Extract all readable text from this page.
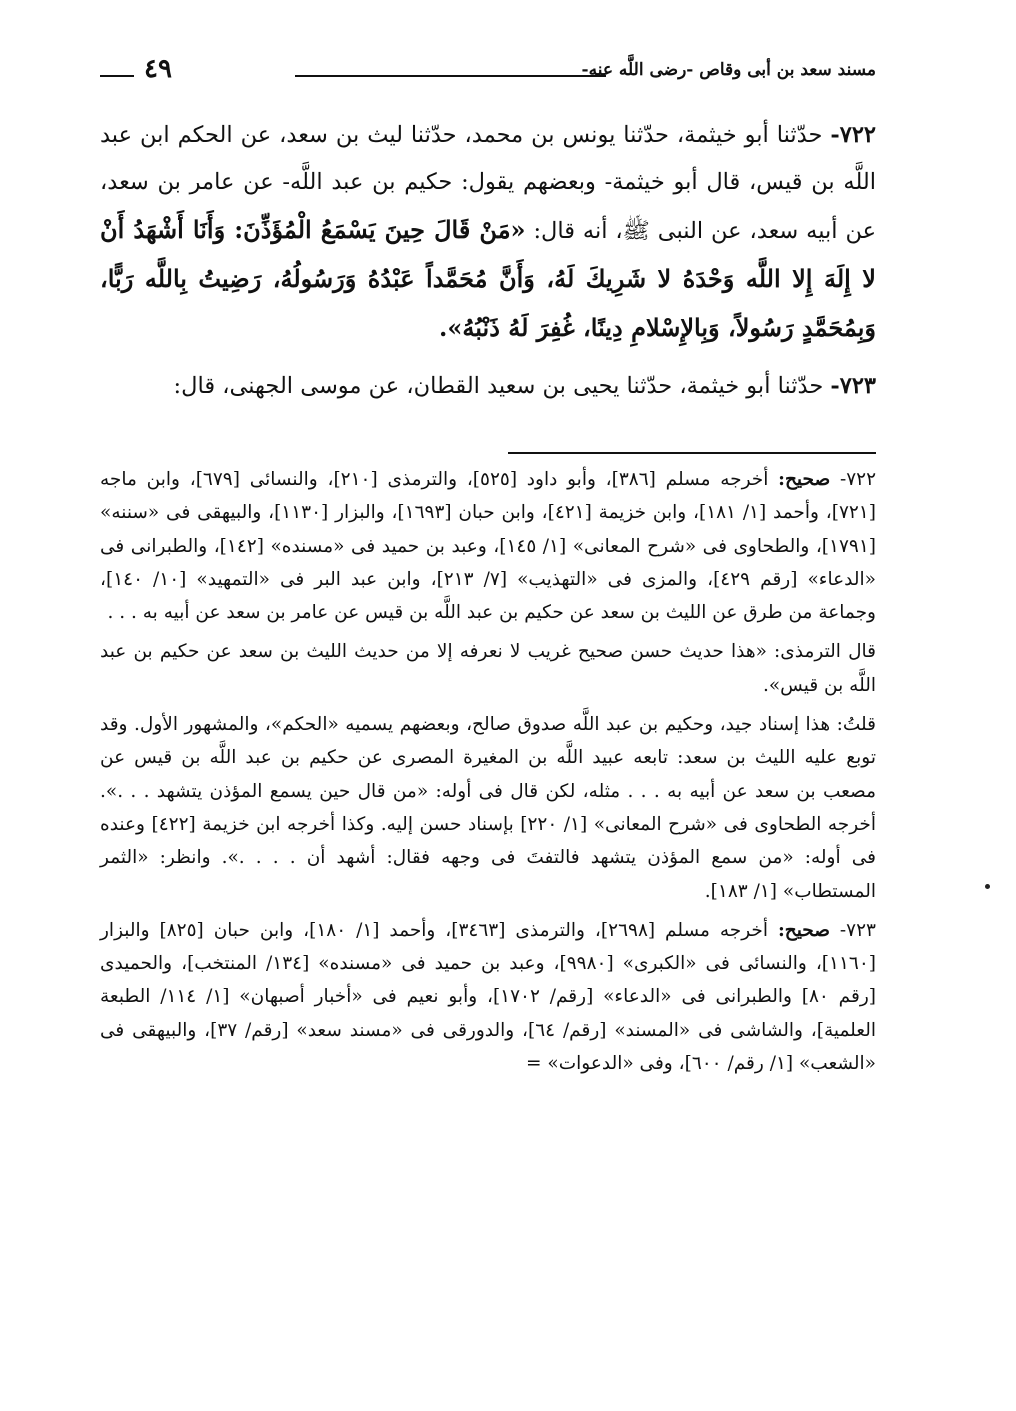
مسند سعد بن أبى وقاص -رضى اللَّه عنه-
٤٩

٧٢٢- حدّثنا أبو خيثمة، حدّثنا يونس بن محمد، حدّثنا ليث بن سعد، عن الحكم ابن عبد اللَّه بن قيس، قال أبو خيثمة- وبعضهم يقول: حكيم بن عبد اللَّه- عن عامر بن سعد، عن أبيه سعد، عن النبى ﷺ، أنه قال: «مَنْ قَالَ حِينَ يَسْمَعُ الْمُؤَذِّنَ: وَأَنَا أَشْهَدُ أَنْ لا إِلَهَ إِلا اللَّه وَحْدَهُ لا شَرِيكَ لَهُ، وَأَنَّ مُحَمَّداً عَبْدُهُ وَرَسُولُهُ، رَضِيتُ بِاللَّه رَبًّا، وَبِمُحَمَّدٍ رَسُولاً، وَبِالإِسْلامِ دِينًا، غُفِرَ لَهُ ذَنْبُهُ».

٧٢٣- حدّثنا أبو خيثمة، حدّثنا يحيى بن سعيد القطان، عن موسى الجهنى، قال:

٧٢٢- صحيح: أخرجه مسلم [٣٨٦]، وأبو داود [٥٢٥]، والترمذى [٢١٠]، والنسائى [٦٧٩]، وابن ماجه [٧٢١]، وأحمد [١/ ١٨١]، وابن خزيمة [٤٢١]، وابن حبان [١٦٩٣]، والبزار [١١٣٠]، والبيهقى فى «سننه» [١٧٩١]، والطحاوى فى «شرح المعانى» [١/ ١٤٥]، وعبد بن حميد فى «مسنده» [١٤٢]، والطبرانى فى «الدعاء» [رقم ٤٢٩]، والمزى فى «التهذيب» [٧/ ٢١٣]، وابن عبد البر فى «التمهيد» [١٠/ ١٤٠]، وجماعة من طرق عن الليث بن سعد عن حكيم بن عبد اللَّه بن قيس عن عامر بن سعد عن أبيه به . . .

قال الترمذى: «هذا حديث حسن صحيح غريب لا نعرفه إلا من حديث الليث بن سعد عن حكيم بن عبد اللَّه بن قيس».

قلتُ: هذا إسناد جيد، وحكيم بن عبد اللَّه صدوق صالح، وبعضهم يسميه «الحكم»، والمشهور الأول. وقد توبع عليه الليث بن سعد: تابعه عبيد اللَّه بن المغيرة المصرى عن حكيم بن عبد اللَّه بن قيس عن مصعب بن سعد عن أبيه به . . . مثله، لكن قال فى أوله: «من قال حين يسمع المؤذن يتشهد . . .». أخرجه الطحاوى فى «شرح المعانى» [١/ ٢٢٠] بإسناد حسن إليه. وكذا أخرجه ابن خزيمة [٤٢٢] وعنده فى أوله: «من سمع المؤذن يتشهد فالتفتَ فى وجهه فقال: أشهد أن . . . .». وانظر: «الثمر المستطاب» [١/ ١٨٣].

٧٢٣- صحيح: أخرجه مسلم [٢٦٩٨]، والترمذى [٣٤٦٣]، وأحمد [١/ ١٨٠]، وابن حبان [٨٢٥] والبزار [١١٦٠]، والنسائى فى «الكبرى» [٩٩٨٠]، وعبد بن حميد فى «مسنده» [١٣٤/ المنتخب]، والحميدى [رقم ٨٠] والطبرانى فى «الدعاء» [رقم/ ١٧٠٢]، وأبو نعيم فى «أخبار أصبهان» [١/ ١١٤/ الطبعة العلمية]، والشاشى فى «المسند» [رقم/ ٦٤]، والدورقى فى «مسند سعد» [رقم/ ٣٧]، والبيهقى فى «الشعب» [١/ رقم/ ٦٠٠]، وفى «الدعوات» =
